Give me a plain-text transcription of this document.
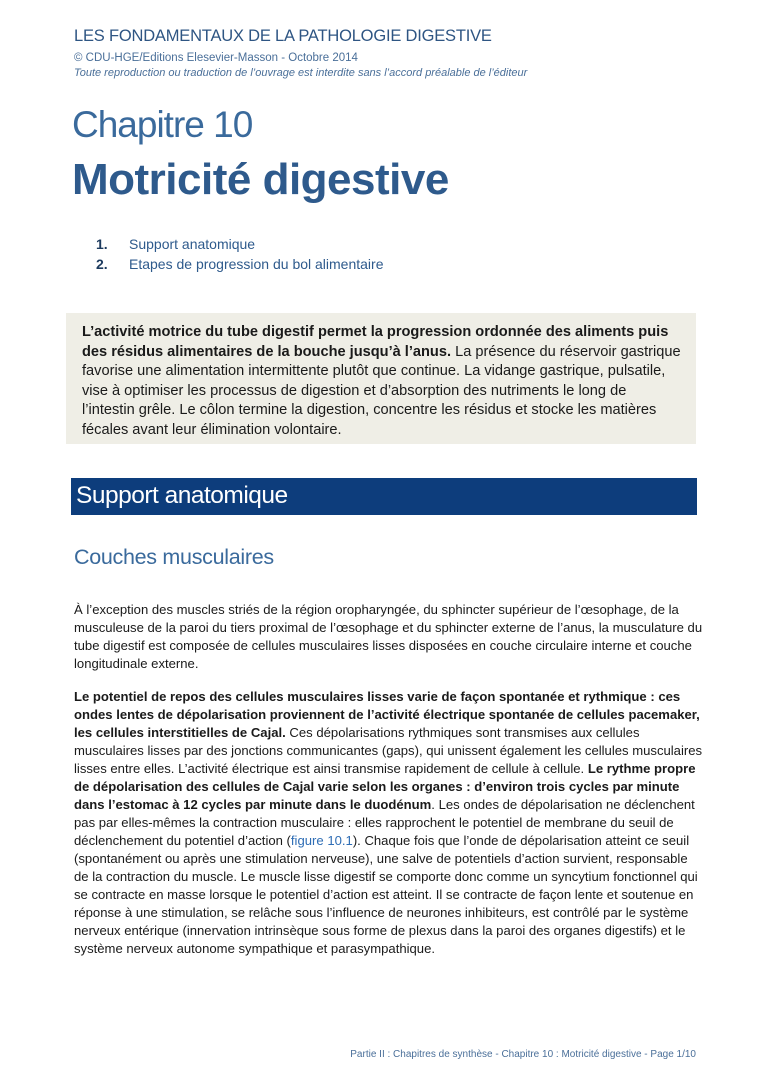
LES FONDAMENTAUX DE LA PATHOLOGIE DIGESTIVE
© CDU-HGE/Editions Elesevier-Masson - Octobre 2014
Toute reproduction ou traduction de l’ouvrage est interdite sans l’accord préalable de l’éditeur
Chapitre 10
Motricité digestive
1.	Support anatomique
2.	Etapes de progression du bol alimentaire
L’activité motrice du tube digestif permet la progression ordonnée des aliments puis des résidus alimentaires de la bouche jusqu’à l’anus. La présence du réservoir gastrique favorise une alimentation intermittente plutôt que continue. La vidange gastrique, pulsatile, vise à optimiser les processus de digestion et d’absorption des nutriments le long de l’intestin grêle. Le côlon termine la digestion, concentre les résidus et stocke les matières fécales avant leur élimination volontaire.
Support anatomique
Couches musculaires
À l’exception des muscles striés de la région oropharyngée, du sphincter supérieur de l’œsophage, de la musculeuse de la paroi du tiers proximal de l’œsophage et du sphincter externe de l’anus, la musculature du tube digestif est composée de cellules musculaires lisses disposées en couche circulaire interne et couche longitudinale externe.
Le potentiel de repos des cellules musculaires lisses varie de façon spontanée et rythmique : ces ondes lentes de dépolarisation proviennent de l’activité électrique spontanée de cellules pacemaker, les cellules interstitielles de Cajal. Ces dépolarisations rythmiques sont transmises aux cellules musculaires lisses par des jonctions communicantes (gaps), qui unissent également les cellules musculaires lisses entre elles. L’activité électrique est ainsi transmise rapidement de cellule à cellule. Le rythme propre de dépolarisation des cellules de Cajal varie selon les organes : d’environ trois cycles par minute dans l’estomac à 12 cycles par minute dans le duodénum. Les ondes de dépolarisation ne déclenchent pas par elles-mêmes la contraction musculaire : elles rapprochent le potentiel de membrane du seuil de déclenchement du potentiel d’action (figure 10.1). Chaque fois que l’onde de dépolarisation atteint ce seuil (spontanément ou après une stimulation nerveuse), une salve de potentiels d’action survient, responsable de la contraction du muscle. Le muscle lisse digestif se comporte donc comme un syncytium fonctionnel qui se contracte en masse lorsque le potentiel d’action est atteint. Il se contracte de façon lente et soutenue en réponse à une stimulation, se relâche sous l’influence de neurones inhibiteurs, est contrôlé par le système nerveux entérique (innervation intrinsèque sous forme de plexus dans la paroi des organes digestifs) et le système nerveux autonome sympathique et parasympathique.
Partie II : Chapitres de synthèse - Chapitre 10 : Motricité digestive - Page 1/10
